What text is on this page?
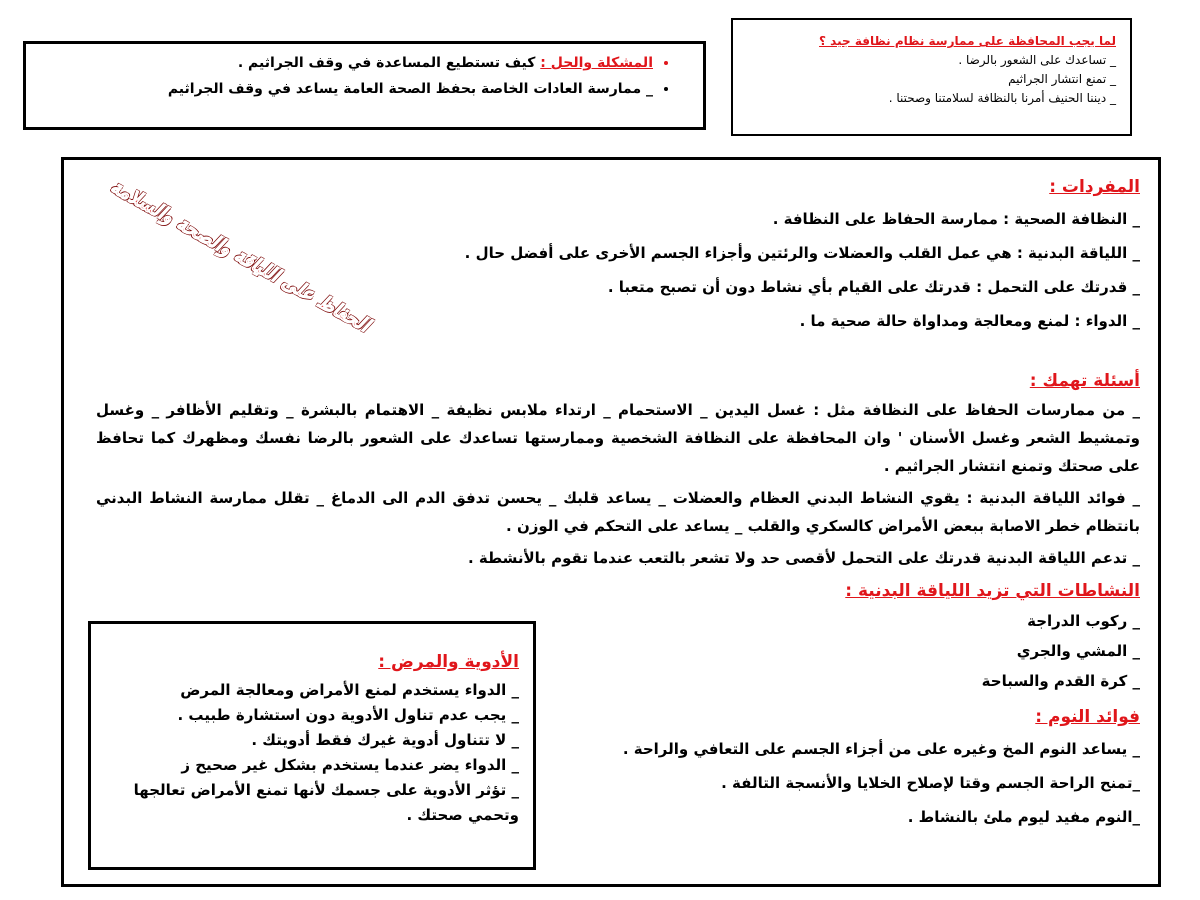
لما يجب المحافظة على ممارسة نظام نظافة جيد ؟
_ تساعدك على الشعور بالرضا .
_ تمنع انتشار الجراثيم
_ ديننا الحنيف أمرنا بالنظافة لسلامتنا وصحتنا .
• المشكلة والحل : كيف تستطيع المساعدة في وقف الجراثيم .
• _ ممارسة العادات الخاصة بحفظ الصحة العامة يساعد في وقف الجراثيم

المفردات :

_ النظافة الصحية : ممارسة الحفاظ على النظافة .
_ اللياقة البدنية : هي عمل القلب والعضلات والرئتين وأجزاء الجسم الأخرى على أفضل حال .
_ قدرتك على التحمل : قدرتك على القيام بأي نشاط دون أن تصبح متعبا .
_ الدواء : لمنع ومعالجة ومداواة حالة صحية ما .

أسئلة تهمك :

_ من ممارسات الحفاظ على النظافة مثل : غسل اليدين _ الاستحمام _ ارتداء ملابس نظيفة _ الاهتمام بالبشرة _ وتقليم الأظافر _ وغسل وتمشيط الشعر وغسل الأسنان ' وان المحافظة على النظافة الشخصية وممارستها تساعدك على الشعور بالرضا نفسك ومظهرك كما تحافظ على صحتك وتمنع انتشار الجراثيم .

_ فوائد اللياقة البدنية : يقوي النشاط البدني العظام والعضلات _ يساعد قلبك _ يحسن تدفق الدم الى الدماغ _ تقلل ممارسة النشاط البدني بانتظام خطر الاصابة ببعض الأمراض كالسكري والقلب _ يساعد على التحكم في الوزن .

_ تدعم اللياقة البدنية قدرتك على التحمل لأقصى حد ولا تشعر بالتعب عندما تقوم بالأنشطة .

النشاطات التي تزيد اللياقة البدنية :

_ ركوب الدراجة
_ المشي والجري
_ كرة القدم والسباحة

فوائد النوم :

_ يساعد النوم المخ وغيره على من أجزاء الجسم على التعافي والراحة .
_تمنح الراحة الجسم وقتا لإصلاح الخلايا والأنسجة التالفة .
_النوم مفيد ليوم ملئ بالنشاط .
الحفاظ على اللياقة والصحة والسلامة

الأدوية والمرض :

_ الدواء يستخدم لمنع الأمراض ومعالجة المرض
_ يجب عدم تناول الأدوية دون استشارة طبيب .
_ لا تتناول أدوية غيرك فقط أدويتك .
_ الدواء يضر عندما يستخدم بشكل غير صحيح ز
_ تؤثر الأدوية على جسمك لأنها تمنع الأمراض تعالجها وتحمي صحتك .
